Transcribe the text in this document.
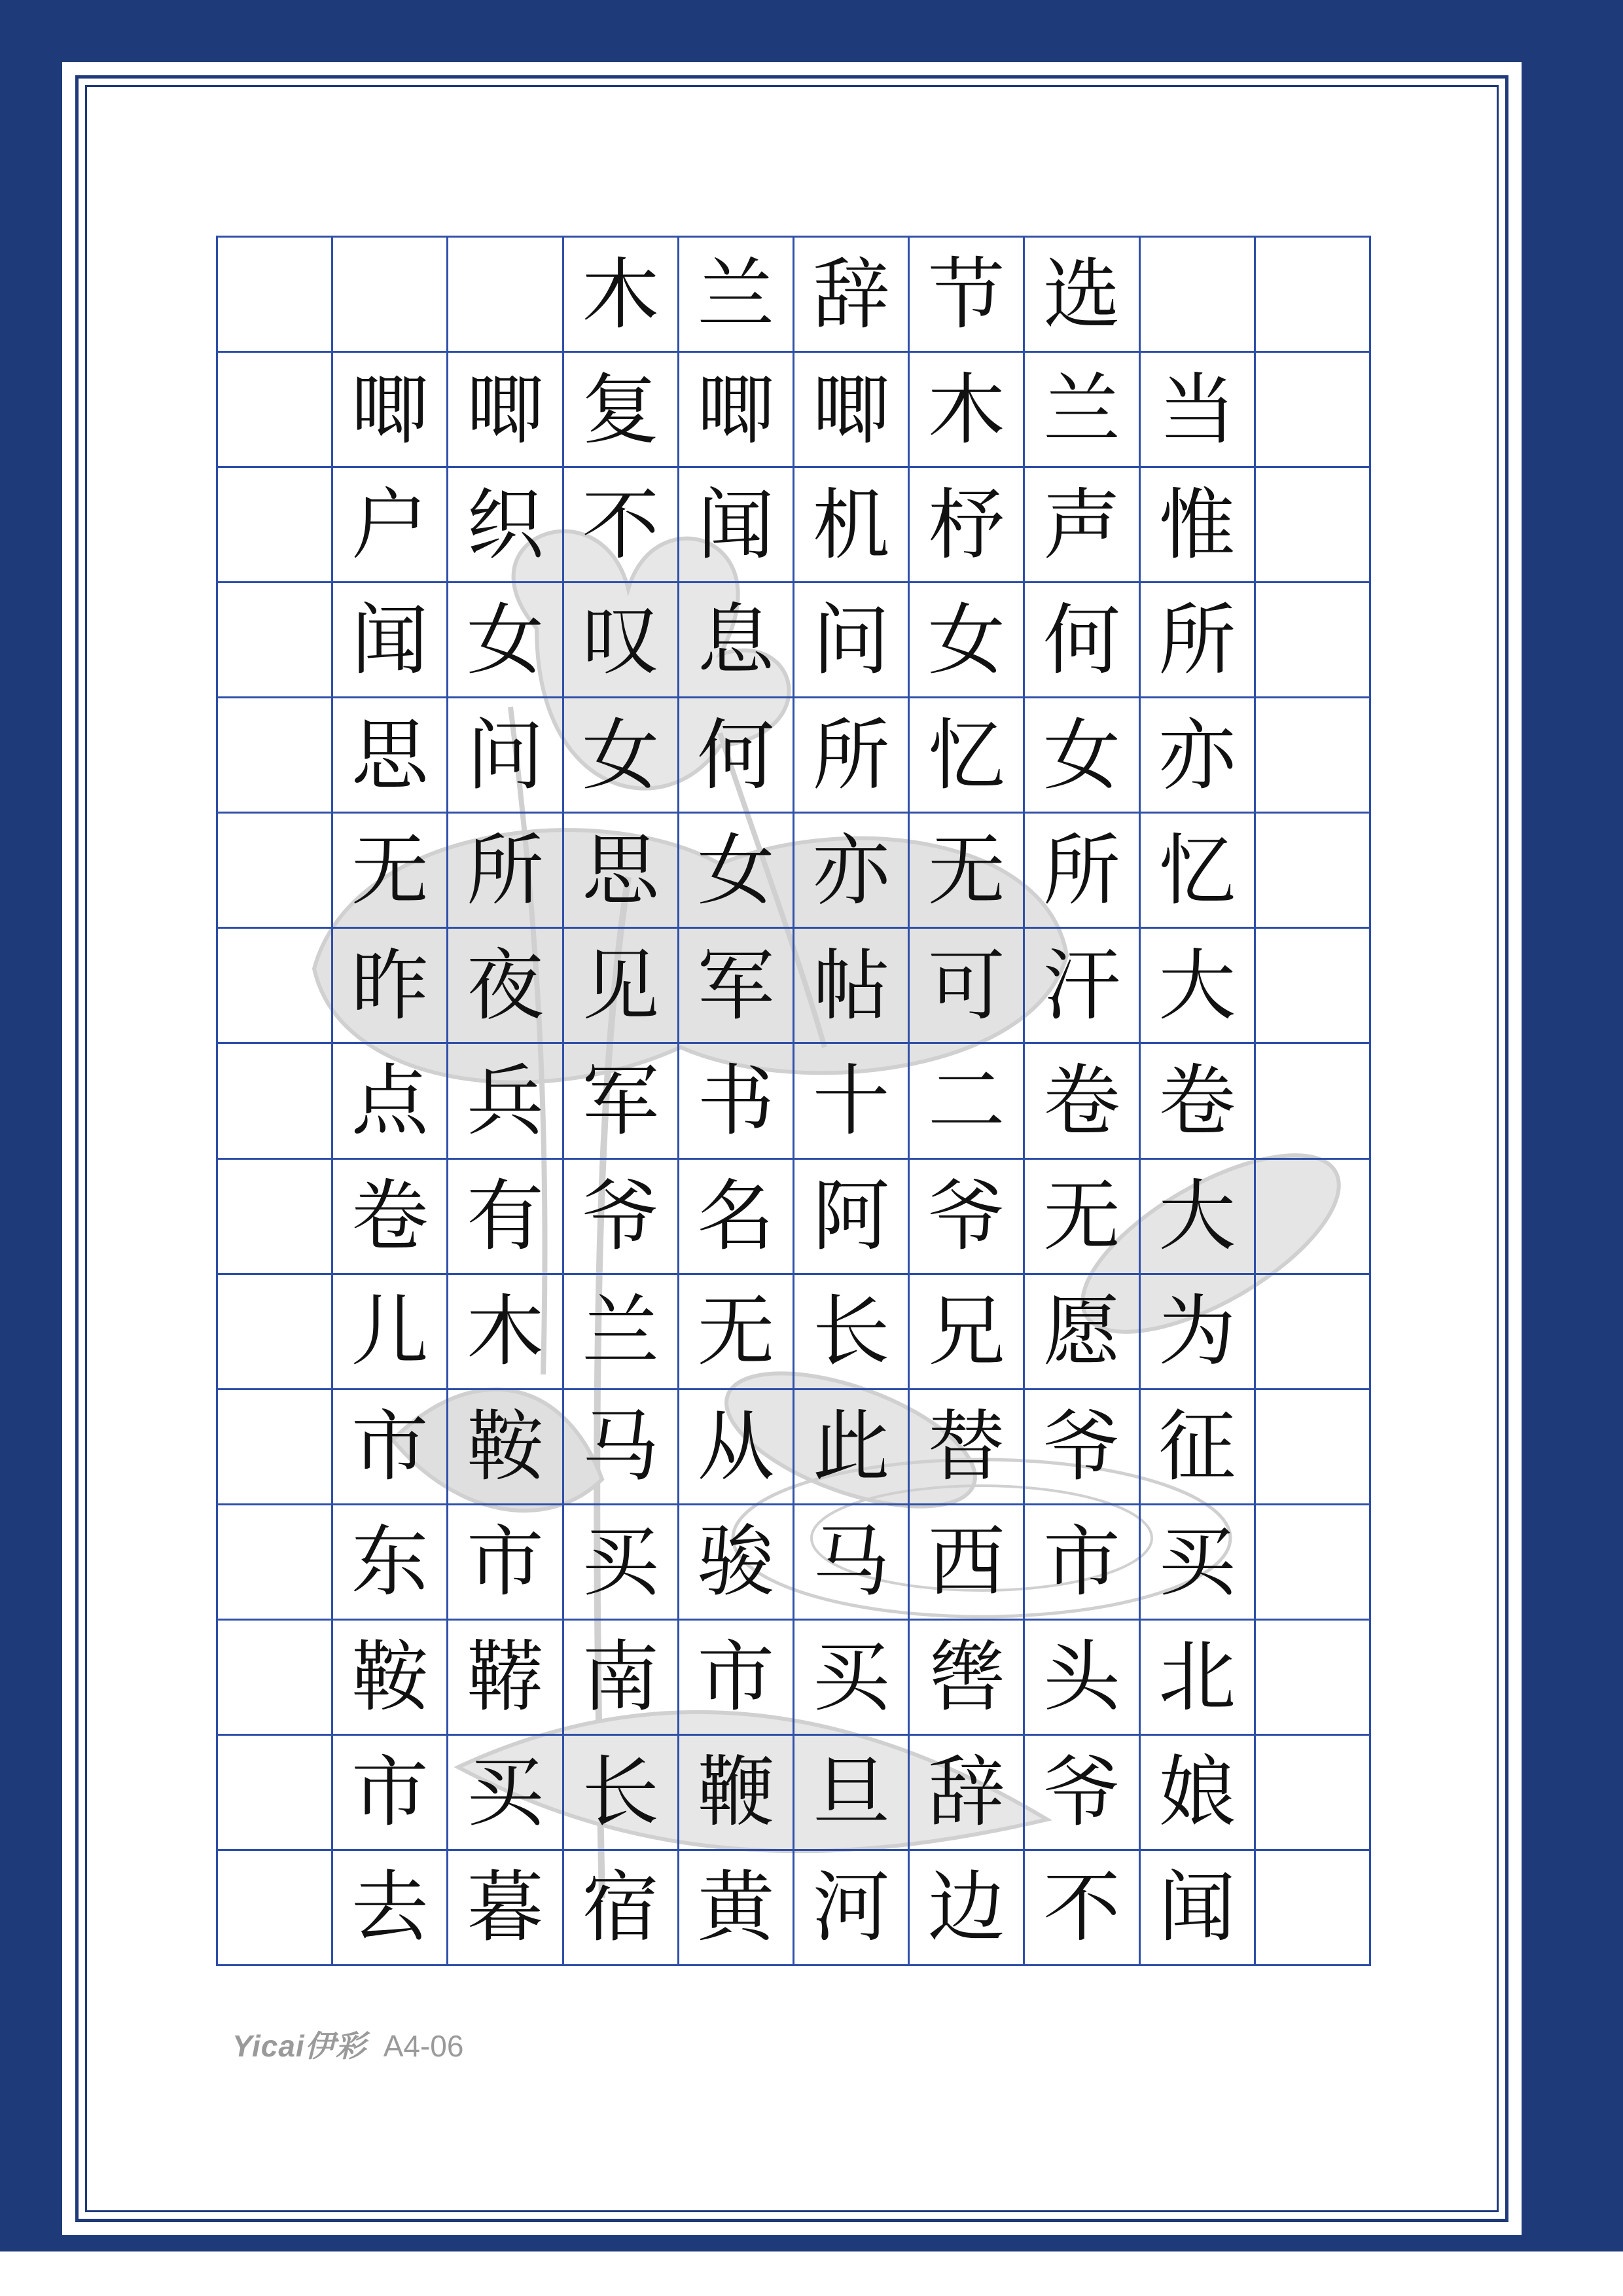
木 兰 辞 节 选
唧 唧 复 唧 唧 木 兰 当
户 织 不 闻 机 杼 声 惟
闻 女 叹 息 问 女 何 所
思 问 女 何 所 忆 女 亦
无 所 思 女 亦 无 所 忆
昨 夜 见 军 帖 可 汗 大
点 兵 军 书 十 二 卷 卷
卷 有 爷 名 阿 爷 无 大
儿 木 兰 无 长 兄 愿 为
市 鞍 马 从 此 替 爷 征
东 市 买 骏 马 西 市 买
鞍 鞯 南 市 买 辔 头 北
市 买 长 鞭 旦 辞 爷 娘
去 暮 宿 黄 河 边 不 闻
Yicai伊彩 A4-06
